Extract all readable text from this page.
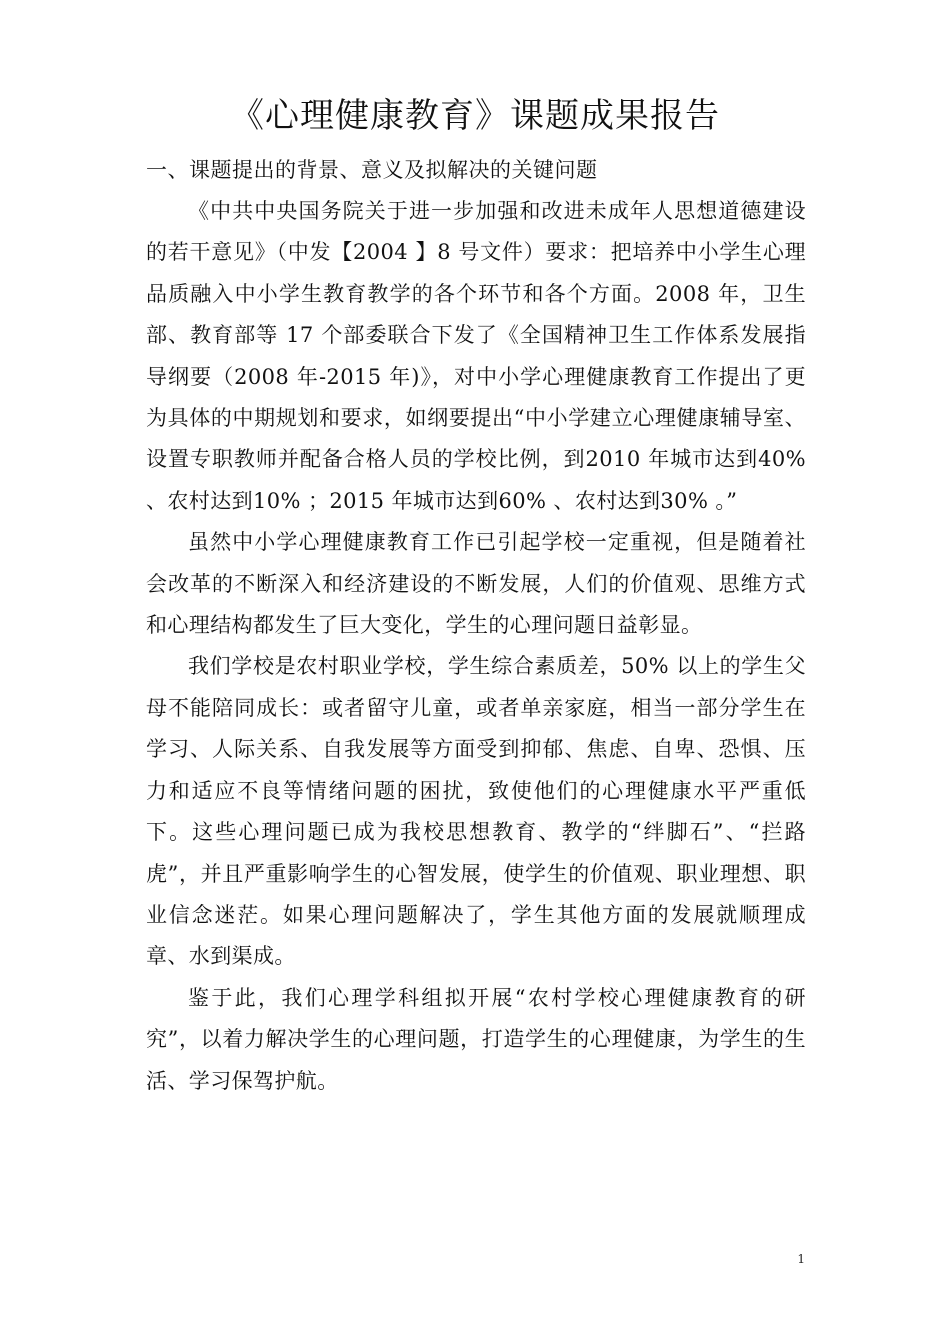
《心理健康教育》课题成果报告
一、课题提出的背景、意义及拟解决的关键问题

《中共中央国务院关于进一步加强和改进未成年人思想道德建设的若干意见》（中发【2004 】8 号文件）要求：把培养中小学生心理品质融入中小学生教育教学的各个环节和各个方面。2008 年，卫生部、教育部等 17 个部委联合下发了《全国精神卫生工作体系发展指导纲要（2008 年-2015 年)》，对中小学心理健康教育工作提出了更为具体的中期规划和要求，如纲要提出“中小学建立心理健康辅导室、设置专职教师并配备合格人员的学校比例，到2010 年城市达到40% 、农村达到10% ；2015 年城市达到60% 、农村达到30% 。”

虽然中小学心理健康教育工作已引起学校一定重视，但是随着社会改革的不断深入和经济建设的不断发展，人们的价值观、思维方式和心理结构都发生了巨大变化，学生的心理问题日益彰显。

我们学校是农村职业学校，学生综合素质差，50% 以上的学生父母不能陪同成长：或者留守儿童，或者单亲家庭，相当一部分学生在学习、人际关系、自我发展等方面受到抑郁、焦虑、自卑、恐惧、压力和适应不良等情绪问题的困扰，致使他们的心理健康水平严重低下。这些心理问题已成为我校思想教育、教学的“绊脚石”、“拦路虎”，并且严重影响学生的心智发展，使学生的价值观、职业理想、职业信念迷茫。如果心理问题解决了，学生其他方面的发展就顺理成章、水到渠成。

鉴于此，我们心理学科组拟开展“农村学校心理健康教育的研究”，以着力解决学生的心理问题，打造学生的心理健康，为学生的生活、学习保驾护航。

1
